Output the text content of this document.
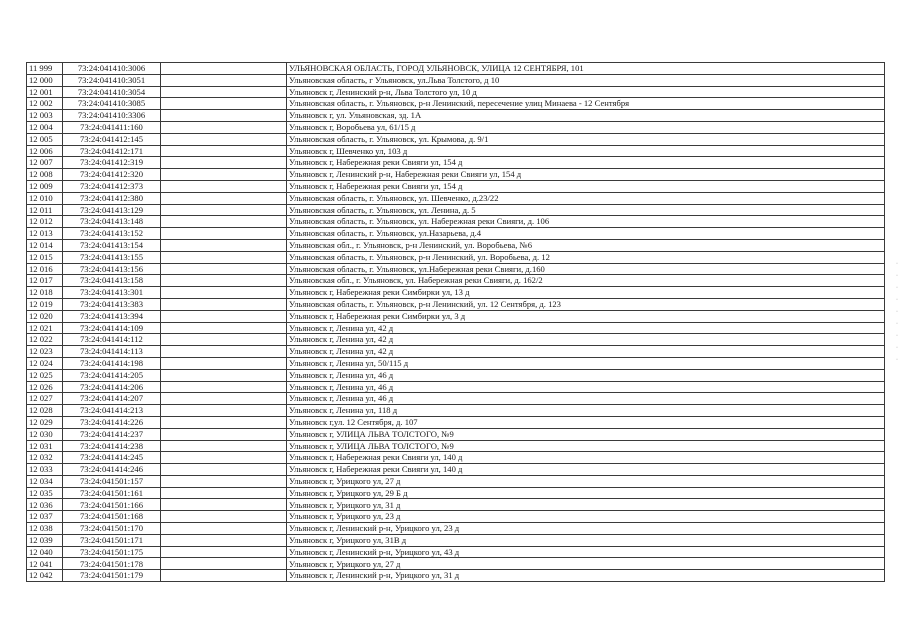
11 999	73:24:041410:3006		УЛЬЯНОВСКАЯ ОБЛАСТЬ, ГОРОД УЛЬЯНОВСК, УЛИЦА 12 СЕНТЯБРЯ, 101
12 000	73:24:041410:3051		Ульяновская область, г Ульяновск, ул.Льва Толстого, д 10
12 001	73:24:041410:3054		Ульяновск г, Ленинский р-н, Льва Толстого ул, 10 д
12 002	73:24:041410:3085		Ульяновская область, г. Ульяновск, р-н Ленинский, пересечение улиц Минаева - 12 Сентября
12 003	73:24:041410:3306		Ульяновск г, ул. Ульяновская, зд. 1А
12 004	73:24:041411:160		Ульяновск г, Воробьева ул, 61/15 д
12 005	73:24:041412:145		Ульяновская область, г. Ульяновск, ул. Крымова, д. 9/1
12 006	73:24:041412:171		Ульяновск г, Шевченко ул, 103 д
12 007	73:24:041412:319		Ульяновск г, Набережная реки Свияги ул, 154 д
12 008	73:24:041412:320		Ульяновск г, Ленинский р-н, Набережная реки Свияги ул, 154 д
12 009	73:24:041412:373		Ульяновск г, Набережная реки Свияги ул, 154 д
12 010	73:24:041412:380		Ульяновская область, г. Ульяновск, ул. Шевченко, д.23/22
12 011	73:24:041413:129		Ульяновская область, г. Ульяновск, ул. Ленина, д. 5
12 012	73:24:041413:148		Ульяновская область, г. Ульяновск, ул. Набережная реки Свияги, д. 106
12 013	73:24:041413:152		Ульяновская область, г. Ульяновск, ул.Назарьева, д.4
12 014	73:24:041413:154		Ульяновская обл., г. Ульяновск, р-н Ленинский, ул. Воробьева, №6
12 015	73:24:041413:155		Ульяновская область, г. Ульяновск, р-н Ленинский, ул. Воробьева, д. 12
12 016	73:24:041413:156		Ульяновская область, г. Ульяновск, ул.Набережная реки Свияги, д.160
12 017	73:24:041413:158		Ульяновская обл., г. Ульяновск, ул. Набережная реки Свияги, д. 162/2
12 018	73:24:041413:301		Ульяновск г, Набережная реки Симбирки ул, 13 д
12 019	73:24:041413:383		Ульяновская область, г. Ульяновск, р-н Ленинский, ул. 12 Сентября, д. 123
12 020	73:24:041413:394		Ульяновск г, Набережная реки Симбирки ул, 3 д
12 021	73:24:041414:109		Ульяновск г, Ленина ул, 42 д
12 022	73:24:041414:112		Ульяновск г, Ленина ул, 42 д
12 023	73:24:041414:113		Ульяновск г, Ленина ул, 42 д
12 024	73:24:041414:198		Ульяновск г, Ленина ул, 50/115 д
12 025	73:24:041414:205		Ульяновск г, Ленина ул, 46 д
12 026	73:24:041414:206		Ульяновск г, Ленина ул, 46 д
12 027	73:24:041414:207		Ульяновск г, Ленина ул, 46 д
12 028	73:24:041414:213		Ульяновск г, Ленина ул, 118 д
12 029	73:24:041414:226		Ульяновск г,ул. 12 Сентября, д. 107
12 030	73:24:041414:237		Ульяновск г, УЛИЦА ЛЬВА ТОЛСТОГО, №9
12 031	73:24:041414:238		Ульяновск г, УЛИЦА ЛЬВА ТОЛСТОГО, №9
12 032	73:24:041414:245		Ульяновск г, Набережная реки Свияги ул, 140 д
12 033	73:24:041414:246		Ульяновск г, Набережная реки Свияги ул, 140 д
12 034	73:24:041501:157		Ульяновск г, Урицкого ул, 27 д
12 035	73:24:041501:161		Ульяновск г, Урицкого ул, 29 Б д
12 036	73:24:041501:166		Ульяновск г, Урицкого ул, 31 д
12 037	73:24:041501:168		Ульяновск г, Урицкого ул, 23 д
12 038	73:24:041501:170		Ульяновск г, Ленинский р-н, Урицкого ул, 23 д
12 039	73:24:041501:171		Ульяновск г, Урицкого ул, 31В д
12 040	73:24:041501:175		Ульяновск г, Ленинский р-н, Урицкого ул, 43 д
12 041	73:24:041501:178		Ульяновск г, Урицкого ул, 27 д
12 042	73:24:041501:179		Ульяновск г, Ленинский р-н, Урицкого ул, 31 д
·
·
·
·
·
·
·
·
·
